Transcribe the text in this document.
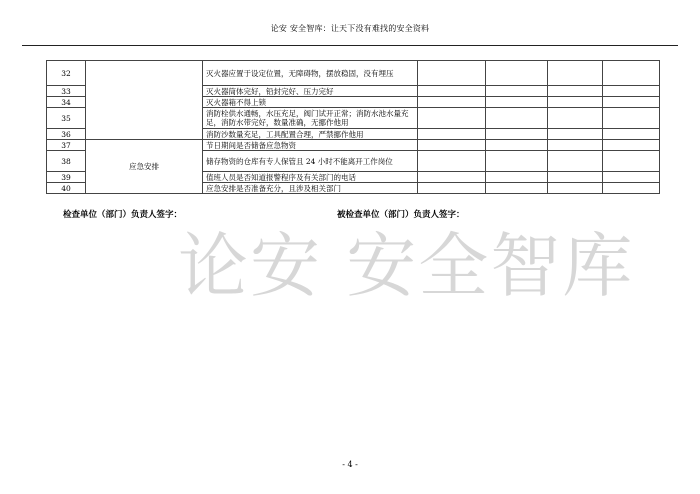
论安 安全智库：让天下没有难找的安全资料
32		灭火器应置于设定位置，无障碍物，摆放稳固，没有埋压				
33		灭火器筒体完好，铅封完好、压力完好				
34		灭火器箱不得上锁				
35		消防栓供水通畅，水压充足，阀门试开正常；消防水池水量充足，消防水带完好，数量准确，无挪作他用				
36		消防沙数量充足，工具配置合理，严禁挪作他用				
37	应急安排	节日期间是否储备应急物资				
38		储存物资的仓库有专人保管且 24 小时不能离开工作岗位				
39		值班人员是否知道报警程序及有关部门的电话				
40		应急安排是否准备充分，且涉及相关部门				
检查单位（部门）负责人签字：	被检查单位（部门）负责人签字：
论安 安全智库
- 4 -
